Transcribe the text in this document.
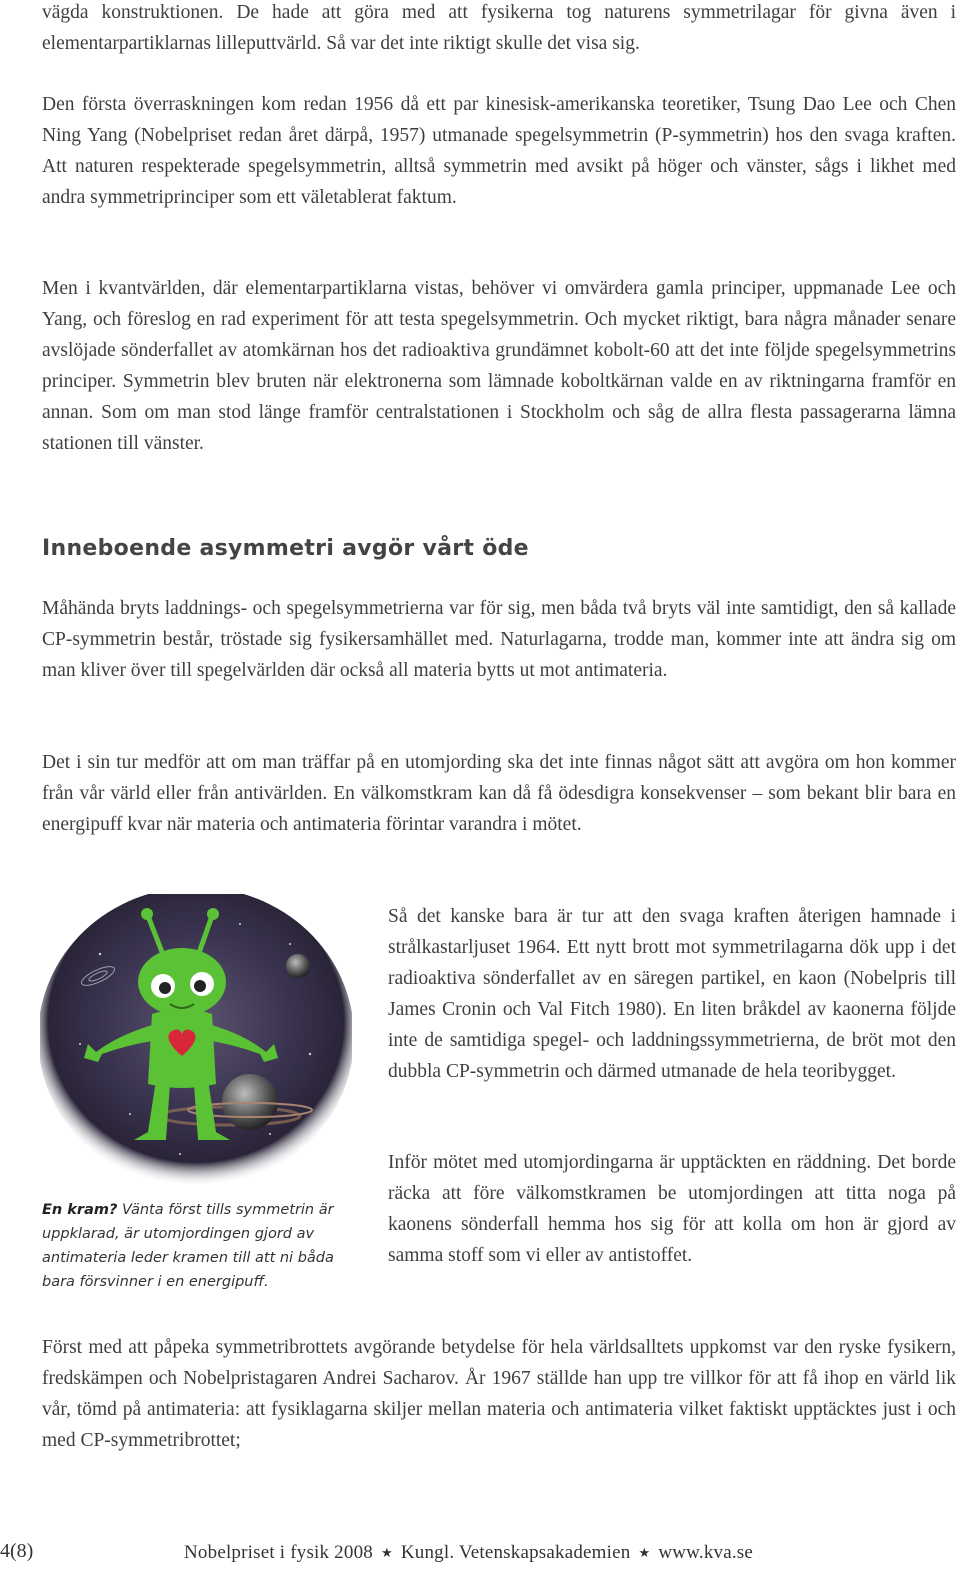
vägda konstruktionen. De hade att göra med att fysikerna tog naturens symmetrilagar för givna även i elementarpartiklarnas lilleputtvärld. Så var det inte riktigt skulle det visa sig.

Den första överraskningen kom redan 1956 då ett par kinesisk-amerikanska teoretiker, Tsung Dao Lee och Chen Ning Yang (Nobelpriset redan året därpå, 1957) utmanade spegelsymmetrin (P-symmetrin) hos den svaga kraften. Att naturen respekterade spegelsymmetrin, alltså symmetrin med avsikt på höger och vänster, sågs i likhet med andra symmetriprinciper som ett väletablerat faktum.

Men i kvantvärlden, där elementarpartiklarna vistas, behöver vi omvärdera gamla principer, uppmanade Lee och Yang, och föreslog en rad experiment för att testa spegelsymmetrin. Och mycket riktigt, bara några månader senare avslöjade sönderfallet av atomkärnan hos det radioaktiva grundämnet kobolt-60 att det inte följde spegelsymmetrins principer. Symmetrin blev bruten när elektronerna som lämnade koboltkärnan valde en av riktningarna framför en annan. Som om man stod länge framför centralstationen i Stockholm och såg de allra flesta passagerarna lämna stationen till vänster.

Inneboende asymmetri avgör vårt öde

Måhända bryts laddnings- och spegelsymmetrierna var för sig, men båda två bryts väl inte samtidigt, den så kallade CP-symmetrin består, tröstade sig fysikersamhället med. Naturlagarna, trodde man, kommer inte att ändra sig om man kliver över till spegelvärlden där också all materia bytts ut mot antimateria.

Det i sin tur medför att om man träffar på en utomjording ska det inte finnas något sätt att avgöra om hon kommer från vår värld eller från antivärlden. En välkomstkram kan då få ödesdigra konsekvenser – som bekant blir bara en energipuff kvar när materia och antimateria förintar varandra i mötet.

En kram? Vänta först tills symmetrin är uppklarad, är utomjordingen gjord av antimateria leder kramen till att ni båda bara försvinner i en energipuff.

Så det kanske bara är tur att den svaga kraften återigen hamnade i strålkastarljuset 1964. Ett nytt brott mot symmetrilagarna dök upp i det radioaktiva sönderfallet av en säregen partikel, en kaon (Nobelpris till James Cronin och Val Fitch 1980). En liten bråkdel av kaonerna följde inte de samtidiga spegel- och laddningssymmetrierna, de bröt mot den dubbla CP-symmetrin och därmed utmanade de hela teoribygget.

Inför mötet med utomjordingarna är upptäckten en räddning. Det borde räcka att före välkomstkramen be utomjordingen att titta noga på kaonens sönderfall hemma hos sig för att kolla om hon är gjord av samma stoff som vi eller av antistoffet.

Först med att påpeka symmetribrottets avgörande betydelse för hela världsalltets uppkomst var den ryske fysikern, fredskämpen och Nobelpristagaren Andrei Sacharov. År 1967 ställde han upp tre villkor för att få ihop en värld lik vår, tömd på antimateria: att fysiklagarna skiljer mellan materia och antimateria vilket faktiskt upptäcktes just i och med CP-symmetribrottet;

4(8)	Nobelpriset i fysik 2008 ★ Kungl. Vetenskapsakademien ★ www.kva.se
